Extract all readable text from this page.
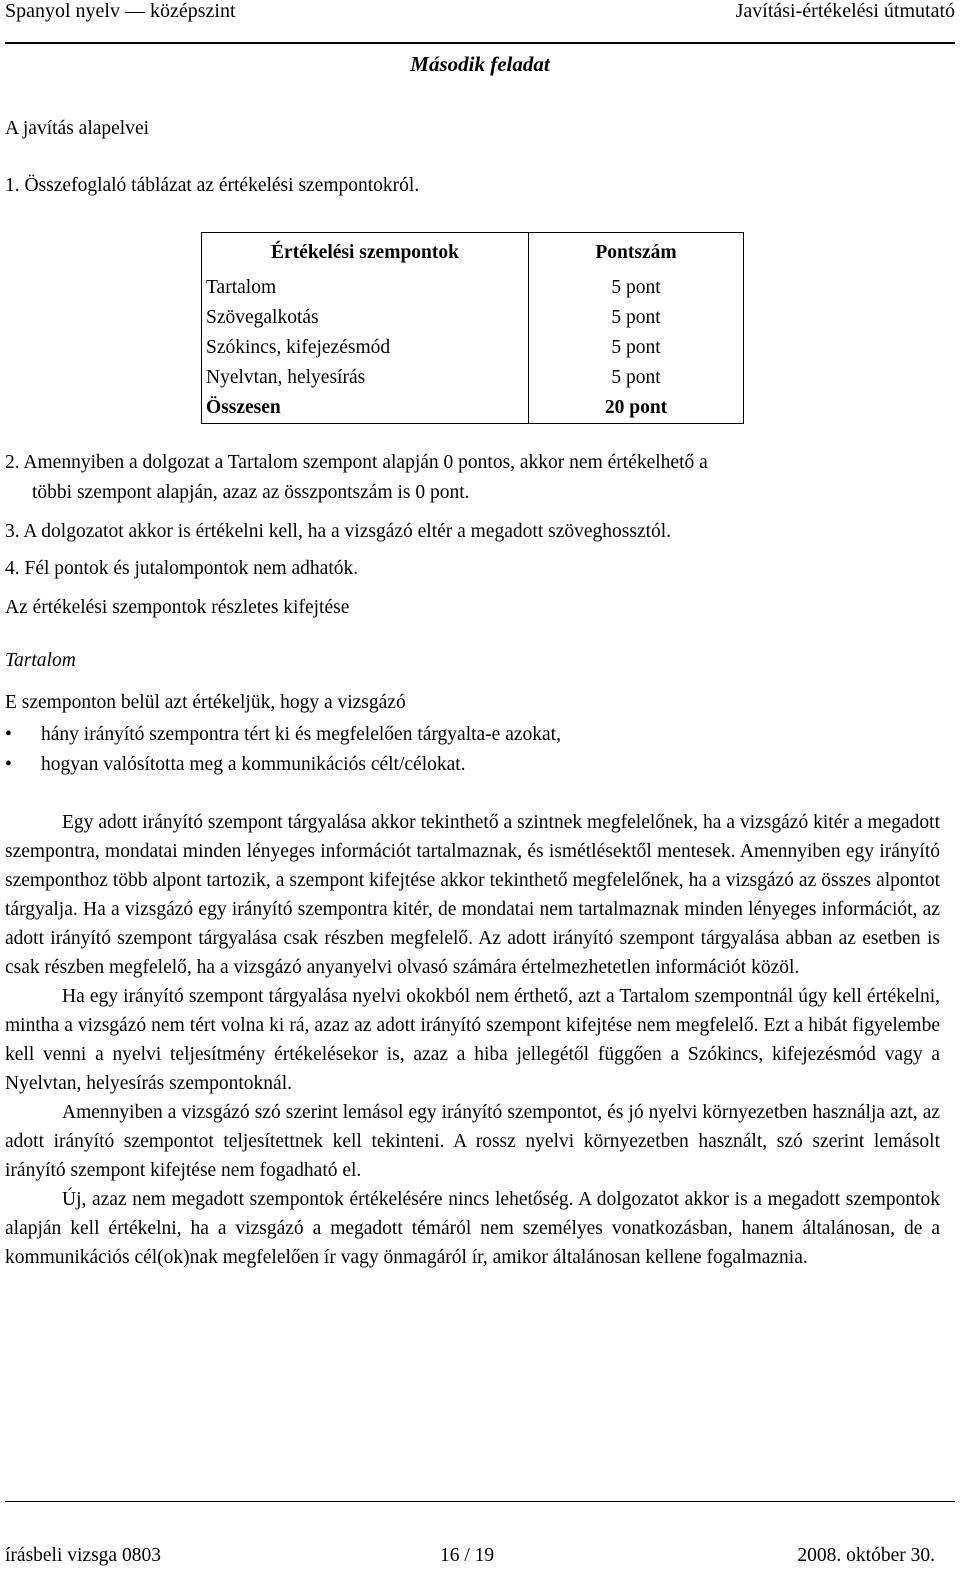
Spanyol nyelv — középszint	Javítási-értékelési útmutató
Második feladat
A javítás alapelvei
1. Összefoglaló táblázat az értékelési szempontokról.
Értékelési szempontok	Pontszám
Tartalom	5 pont
Szövegalkotás	5 pont
Szókincs, kifejezésmód	5 pont
Nyelvtan, helyesírás	5 pont
Összesen	20 pont
2. Amennyiben a dolgozat a Tartalom szempont alapján 0 pontos, akkor nem értékelhető a
többi szempont alapján, azaz az összpontszám is 0 pont.
3. A dolgozatot akkor is értékelni kell, ha a vizsgázó eltér a megadott szöveghossztól.
4. Fél pontok és jutalompontok nem adhatók.
Az értékelési szempontok részletes kifejtése
Tartalom
E szemponton belül azt értékeljük, hogy a vizsgázó
• hány irányító szempontra tért ki és megfelelően tárgyalta-e azokat,
• hogyan valósította meg a kommunikációs célt/célokat.

Egy adott irányító szempont tárgyalása akkor tekinthető a szintnek megfelelőnek, ha a vizsgázó kitér a megadott szempontra, mondatai minden lényeges információt tartalmaznak, és ismétlésektől mentesek. Amennyiben egy irányító szemponthoz több alpont tartozik, a szempont kifejtése akkor tekinthető megfelelőnek, ha a vizsgázó az összes alpontot tárgyalja. Ha a vizsgázó egy irányító szempontra kitér, de mondatai nem tartalmaznak minden lényeges információt, az adott irányító szempont tárgyalása csak részben megfelelő. Az adott irányító szempont tárgyalása abban az esetben is csak részben megfelelő, ha a vizsgázó anyanyelvi olvasó számára értelmezhetetlen információt közöl.

Ha egy irányító szempont tárgyalása nyelvi okokból nem érthető, azt a Tartalom szempontnál úgy kell értékelni, mintha a vizsgázó nem tért volna ki rá, azaz az adott irányító szempont kifejtése nem megfelelő. Ezt a hibát figyelembe kell venni a nyelvi teljesítmény értékelésekor is, azaz a hiba jellegétől függően a Szókincs, kifejezésmód vagy a Nyelvtan, helyesírás szempontoknál.

Amennyiben a vizsgázó szó szerint lemásol egy irányító szempontot, és jó nyelvi környezetben használja azt, az adott irányító szempontot teljesítettnek kell tekinteni. A rossz nyelvi környezetben használt, szó szerint lemásolt irányító szempont kifejtése nem fogadható el.

Új, azaz nem megadott szempontok értékelésére nincs lehetőség. A dolgozatot akkor is a megadott szempontok alapján kell értékelni, ha a vizsgázó a megadott témáról nem személyes vonatkozásban, hanem általánosan, de a kommunikációs cél(ok)nak megfelelően ír vagy önmagáról ír, amikor általánosan kellene fogalmaznia.

írásbeli vizsga 0803	16 / 19	2008. október 30.
